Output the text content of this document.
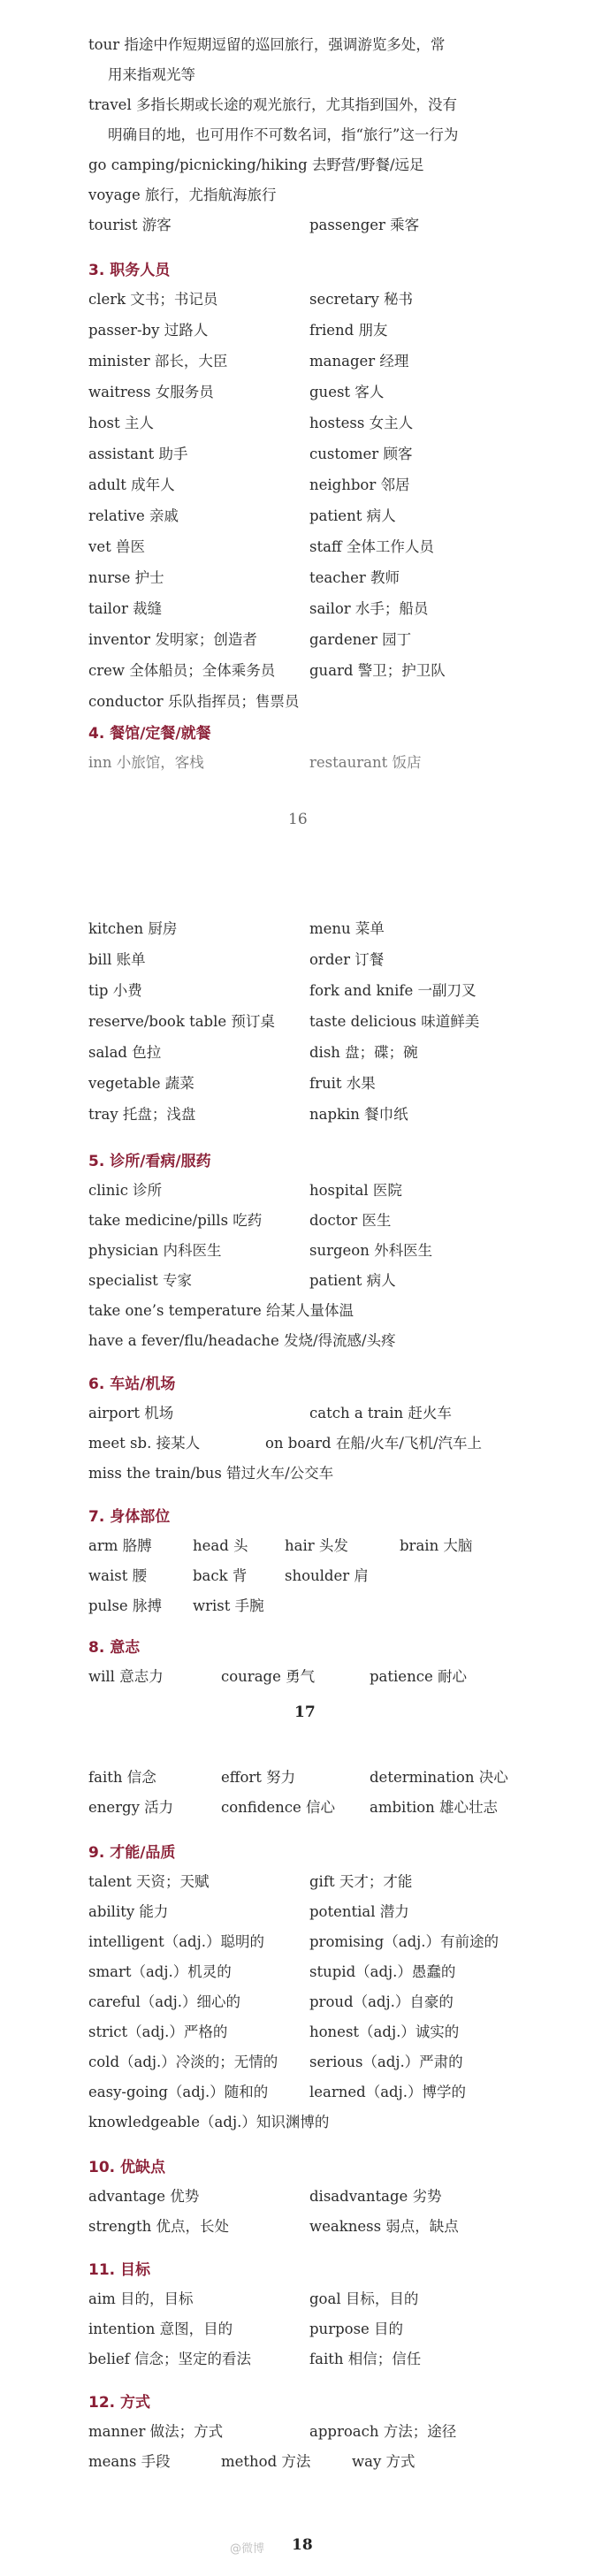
tour 指途中作短期逗留的巡回旅行，强调游览多处，常
用来指观光等
travel 多指长期或长途的观光旅行，尤其指到国外，没有
明确目的地，也可用作不可数名词，指“旅行”这一行为
go camping/picnicking/hiking 去野营/野餐/远足
voyage 旅行，尤指航海旅行
tourist 游客	passenger 乘客
3. 职务人员
clerk 文书；书记员	secretary 秘书
passer-by 过路人	friend 朋友
minister 部长，大臣	manager 经理
waitress 女服务员	guest 客人
host 主人	hostess 女主人
assistant 助手	customer 顾客
adult 成年人	neighbor 邻居
relative 亲戚	patient 病人
vet 兽医	staff 全体工作人员
nurse 护士	teacher 教师
tailor 裁缝	sailor 水手；船员
inventor 发明家；创造者	gardener 园丁
crew 全体船员；全体乘务员 guard 警卫；护卫队
conductor 乐队指挥员；售票员
4. 餐馆/定餐/就餐
inn 小旅馆，客栈	restaurant 饭店
16
kitchen 厨房	menu 菜单
bill 账单	order 订餐
tip 小费	fork and knife 一副刀叉
reserve/book table 预订桌 taste delicious 味道鲜美
salad 色拉	dish 盘；碟；碗
vegetable 蔬菜	fruit 水果
tray 托盘；浅盘	napkin 餐巾纸
5. 诊所/看病/服药
clinic 诊所	hospital 医院
take medicine/pills 吃药	doctor 医生
physician 内科医生	surgeon 外科医生
specialist 专家	patient 病人
take one’s temperature 给某人量体温
have a fever/flu/headache 发烧/得流感/头疼
6. 车站/机场
airport 机场	catch a train 赶火车
meet sb. 接某人	on board 在船/火车/飞机/汽车上
miss the train/bus 错过火车/公交车
7. 身体部位
arm 胳膊	head 头	hair 头发	brain 大脑
waist 腰	back 背	shoulder 肩
pulse 脉搏 wrist 手腕
8. 意志
will 意志力	courage 勇气	patience 耐心
17
faith 信念	effort 努力	determination 决心
energy 活力	confidence 信心 ambition 雄心壮志
9. 才能/品质
talent 天资；天赋	gift 天才；才能
ability 能力	potential 潜力
intelligent（adj.）聪明的	promising（adj.）有前途的
smart（adj.）机灵的	stupid（adj.）愚蠢的
careful（adj.）细心的	proud（adj.）自豪的
strict（adj.）严格的	honest（adj.）诚实的
cold（adj.）冷淡的；无情的 serious（adj.）严肃的
easy-going（adj.）随和的	learned（adj.）博学的
knowledgeable（adj.）知识渊博的
10. 优缺点
advantage 优势	disadvantage 劣势
strength 优点，长处	weakness 弱点，缺点
11. 目标
aim 目的，目标	goal 目标，目的
intention 意图，目的	purpose 目的
belief 信念；坚定的看法	faith 相信；信任
12. 方式
manner 做法；方式	approach 方法；途径
means 手段	method 方法	way 方式
@微博 18
